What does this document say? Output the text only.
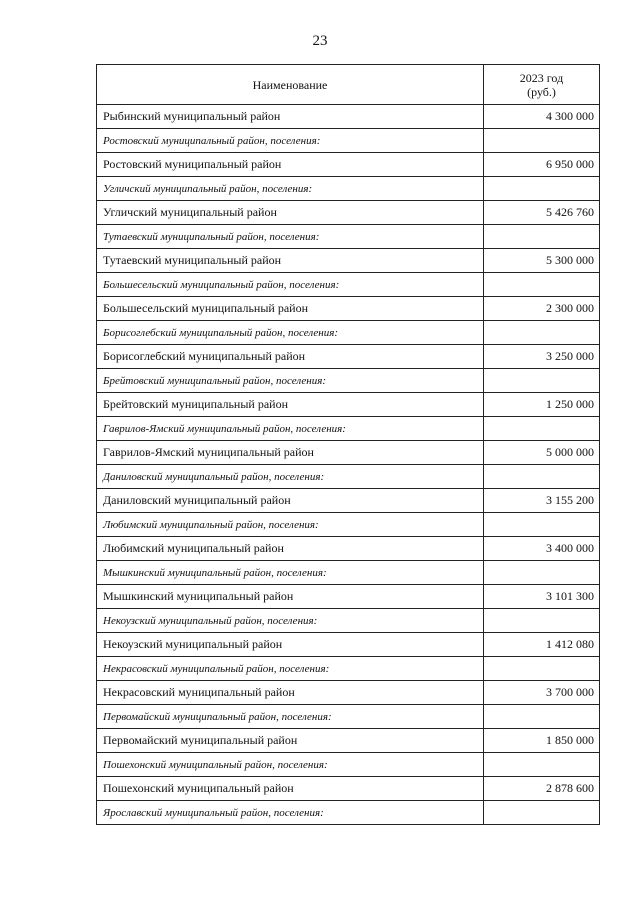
23
Наименование	2023 год
(руб.)
Рыбинский муниципальный район	4 300 000
Ростовский муниципальный район, поселения:	
Ростовский муниципальный район	6 950 000
Угличский муниципальный район, поселения:	
Угличский муниципальный район	5 426 760
Тутаевский муниципальный район, поселения:	
Тутаевский муниципальный район	5 300 000
Большесельский муниципальный район, поселения:	
Большесельский муниципальный район	2 300 000
Борисоглебский муниципальный район, поселения:	
Борисоглебский муниципальный район	3 250 000
Брейтовский муниципальный район, поселения:	
Брейтовский муниципальный район	1 250 000
Гаврилов-Ямский муниципальный район, поселения:	
Гаврилов-Ямский муниципальный район	5 000 000
Даниловский муниципальный район, поселения:	
Даниловский муниципальный район	3 155 200
Любимский муниципальный район, поселения:	
Любимский муниципальный район	3 400 000
Мышкинский муниципальный район, поселения:	
Мышкинский муниципальный район	3 101 300
Некоузский муниципальный район, поселения:	
Некоузский муниципальный район	1 412 080
Некрасовский муниципальный район, поселения:	
Некрасовский муниципальный район	3 700 000
Первомайский муниципальный район, поселения:	
Первомайский муниципальный район	1 850 000
Пошехонский муниципальный район, поселения:	
Пошехонский муниципальный район	2 878 600
Ярославский муниципальный район, поселения:	
